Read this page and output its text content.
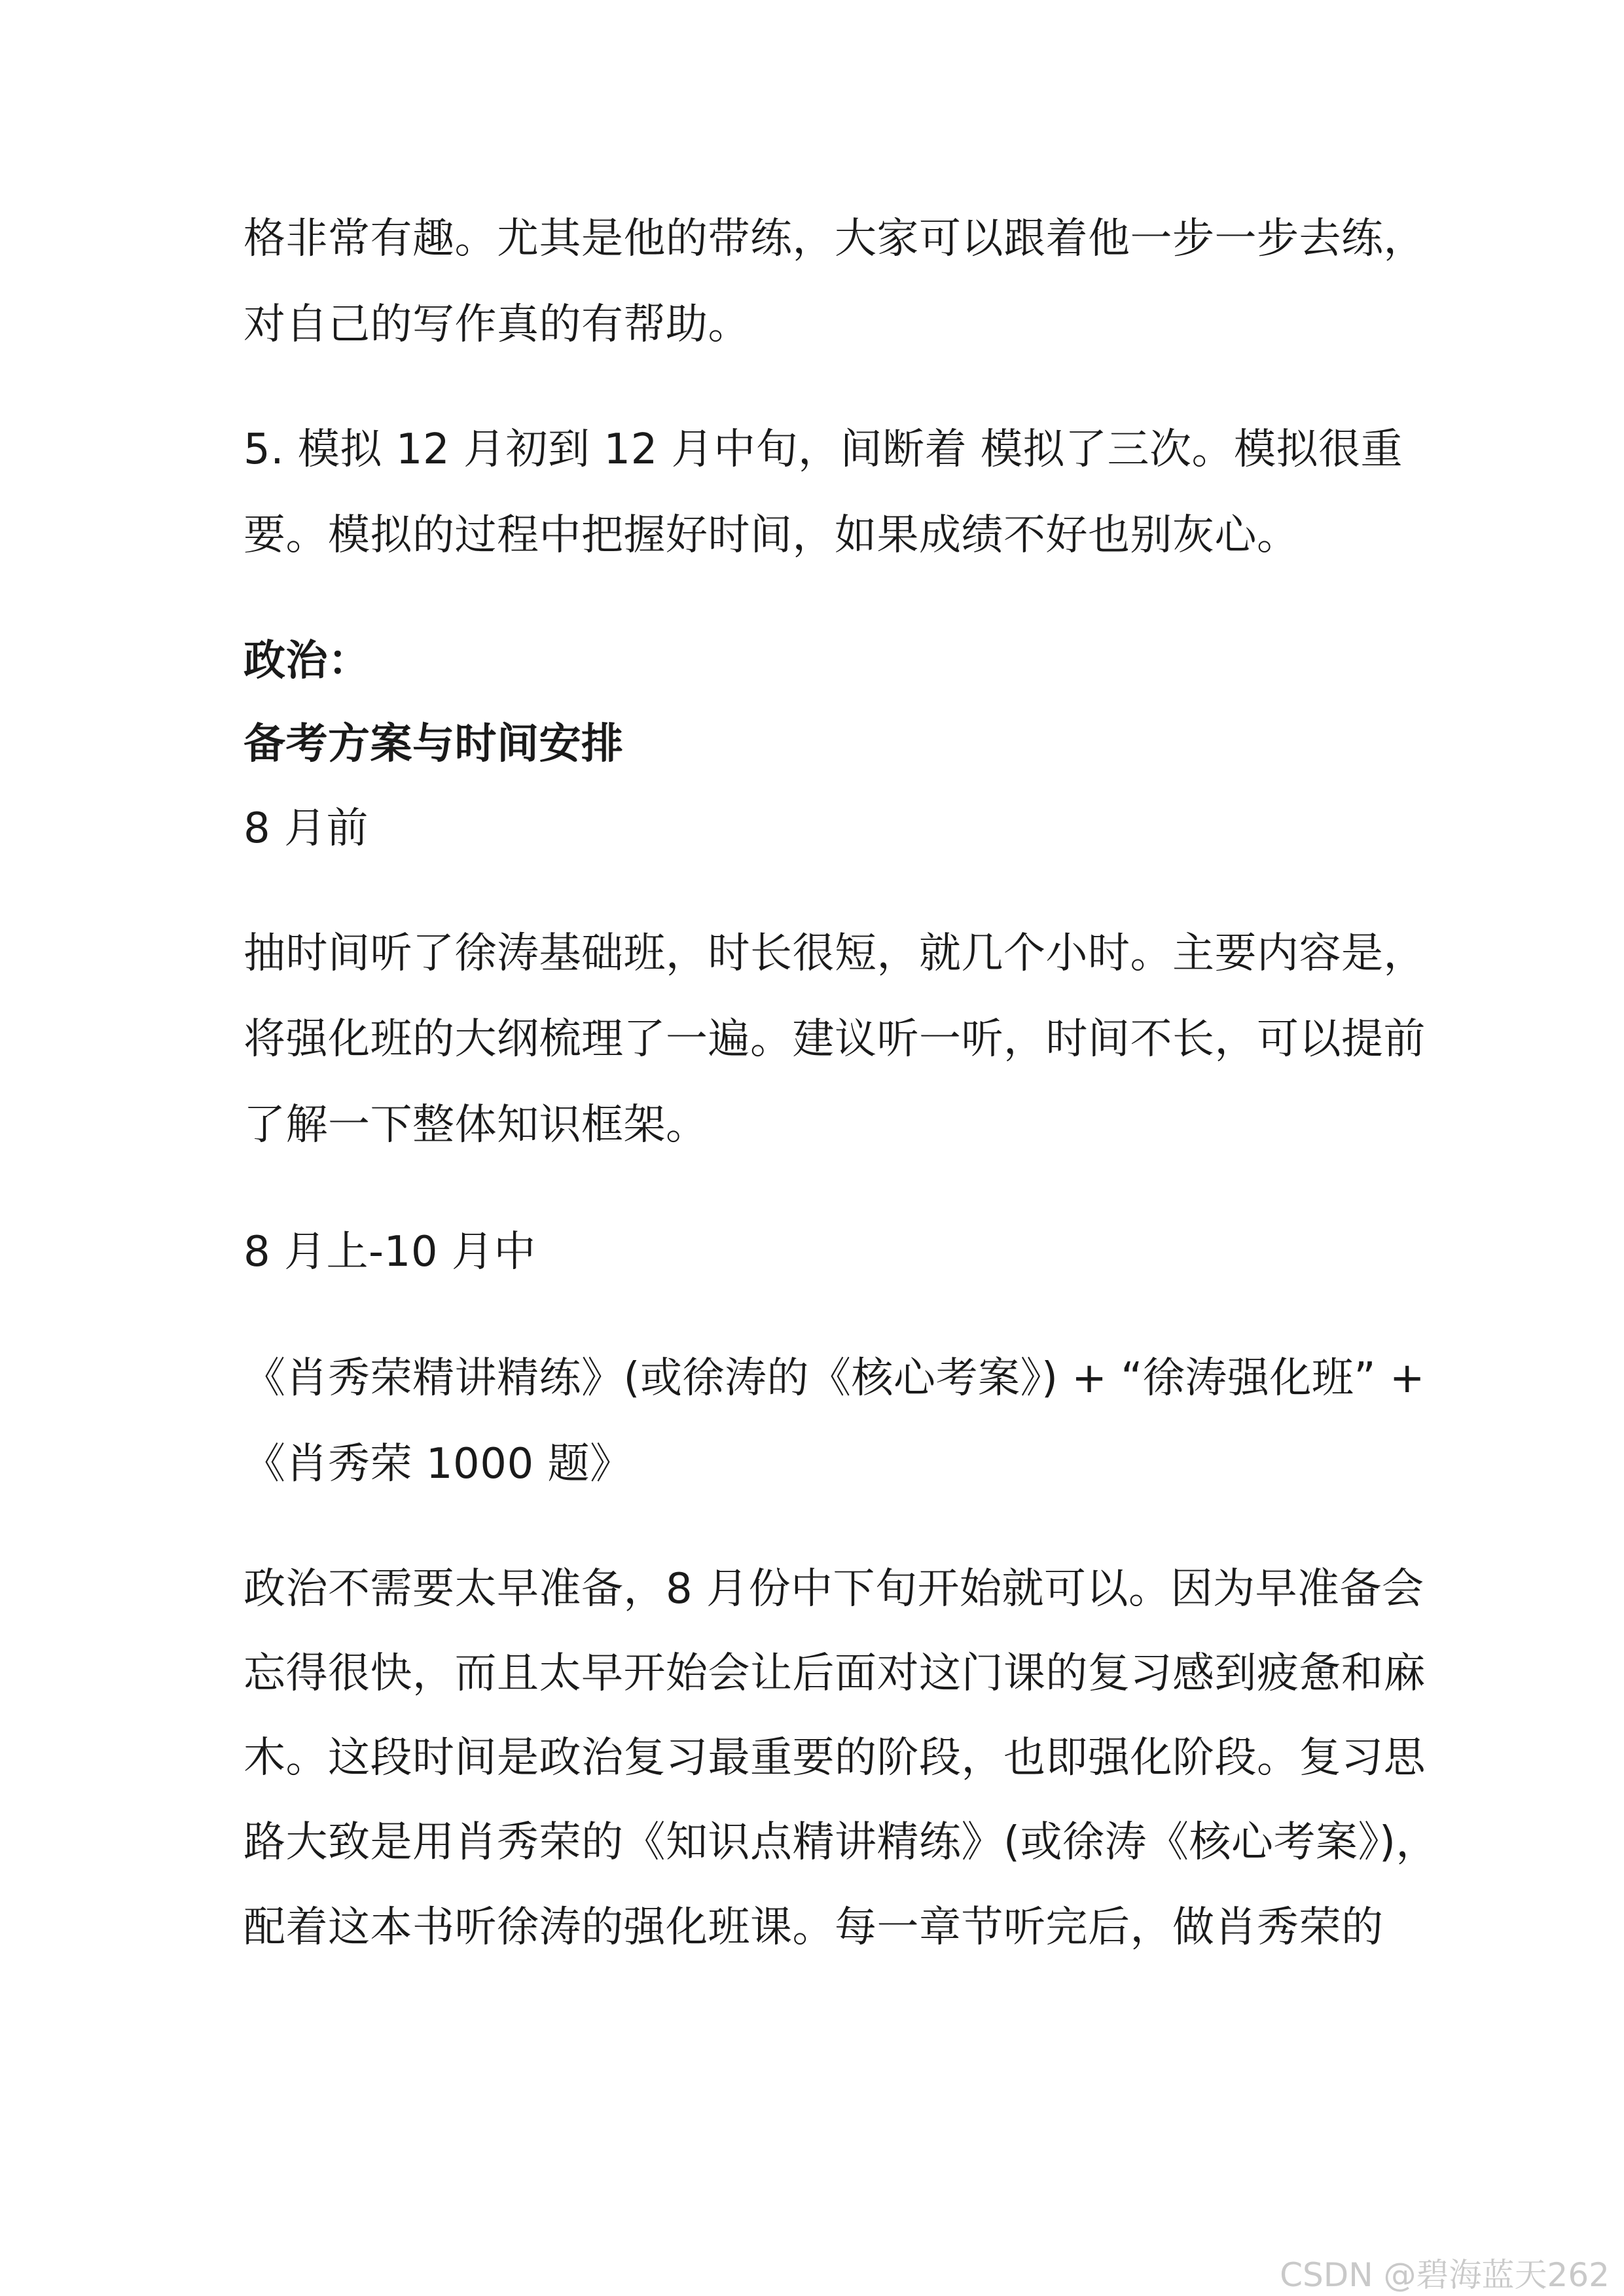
格非常有趣。尤其是他的带练，大家可以跟着他一步一步去练，
对自己的写作真的有帮助。
5. 模拟 12 月初到 12 月中旬，间断着 模拟了三次。模拟很重
要。模拟的过程中把握好时间，如果成绩不好也别灰心。
政治：
备考方案与时间安排
8 月前
抽时间听了徐涛基础班，时长很短，就几个小时。主要内容是，
将强化班的大纲梳理了一遍。建议听一听，时间不长，可以提前
了解一下整体知识框架。
8 月上-10 月中
《肖秀荣精讲精练》(或徐涛的《核心考案》) + “徐涛强化班” +
《肖秀荣 1000 题》
政治不需要太早准备，8 月份中下旬开始就可以。因为早准备会
忘得很快，而且太早开始会让后面对这门课的复习感到疲惫和麻
木。这段时间是政治复习最重要的阶段，也即强化阶段。复习思
路大致是用肖秀荣的《知识点精讲精练》(或徐涛《核心考案》)，
配着这本书听徐涛的强化班课。每一章节听完后，做肖秀荣的
CSDN @碧海蓝天262
